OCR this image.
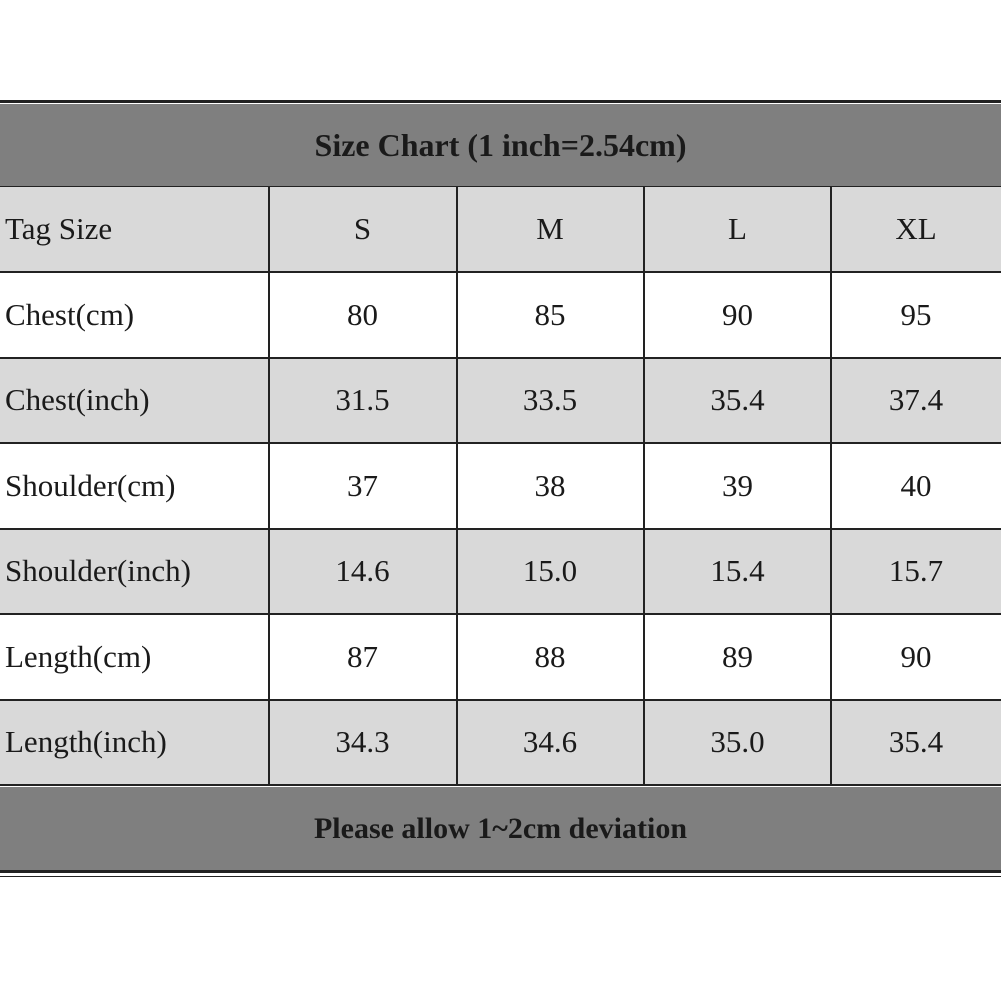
Size Chart (1 inch=2.54cm)
Tag Size	S	M	L	XL
Chest(cm)	80	85	90	95
Chest(inch)	31.5	33.5	35.4	37.4
Shoulder(cm)	37	38	39	40
Shoulder(inch)	14.6	15.0	15.4	15.7
Length(cm)	87	88	89	90
Length(inch)	34.3	34.6	35.0	35.4
Please allow 1~2cm deviation
